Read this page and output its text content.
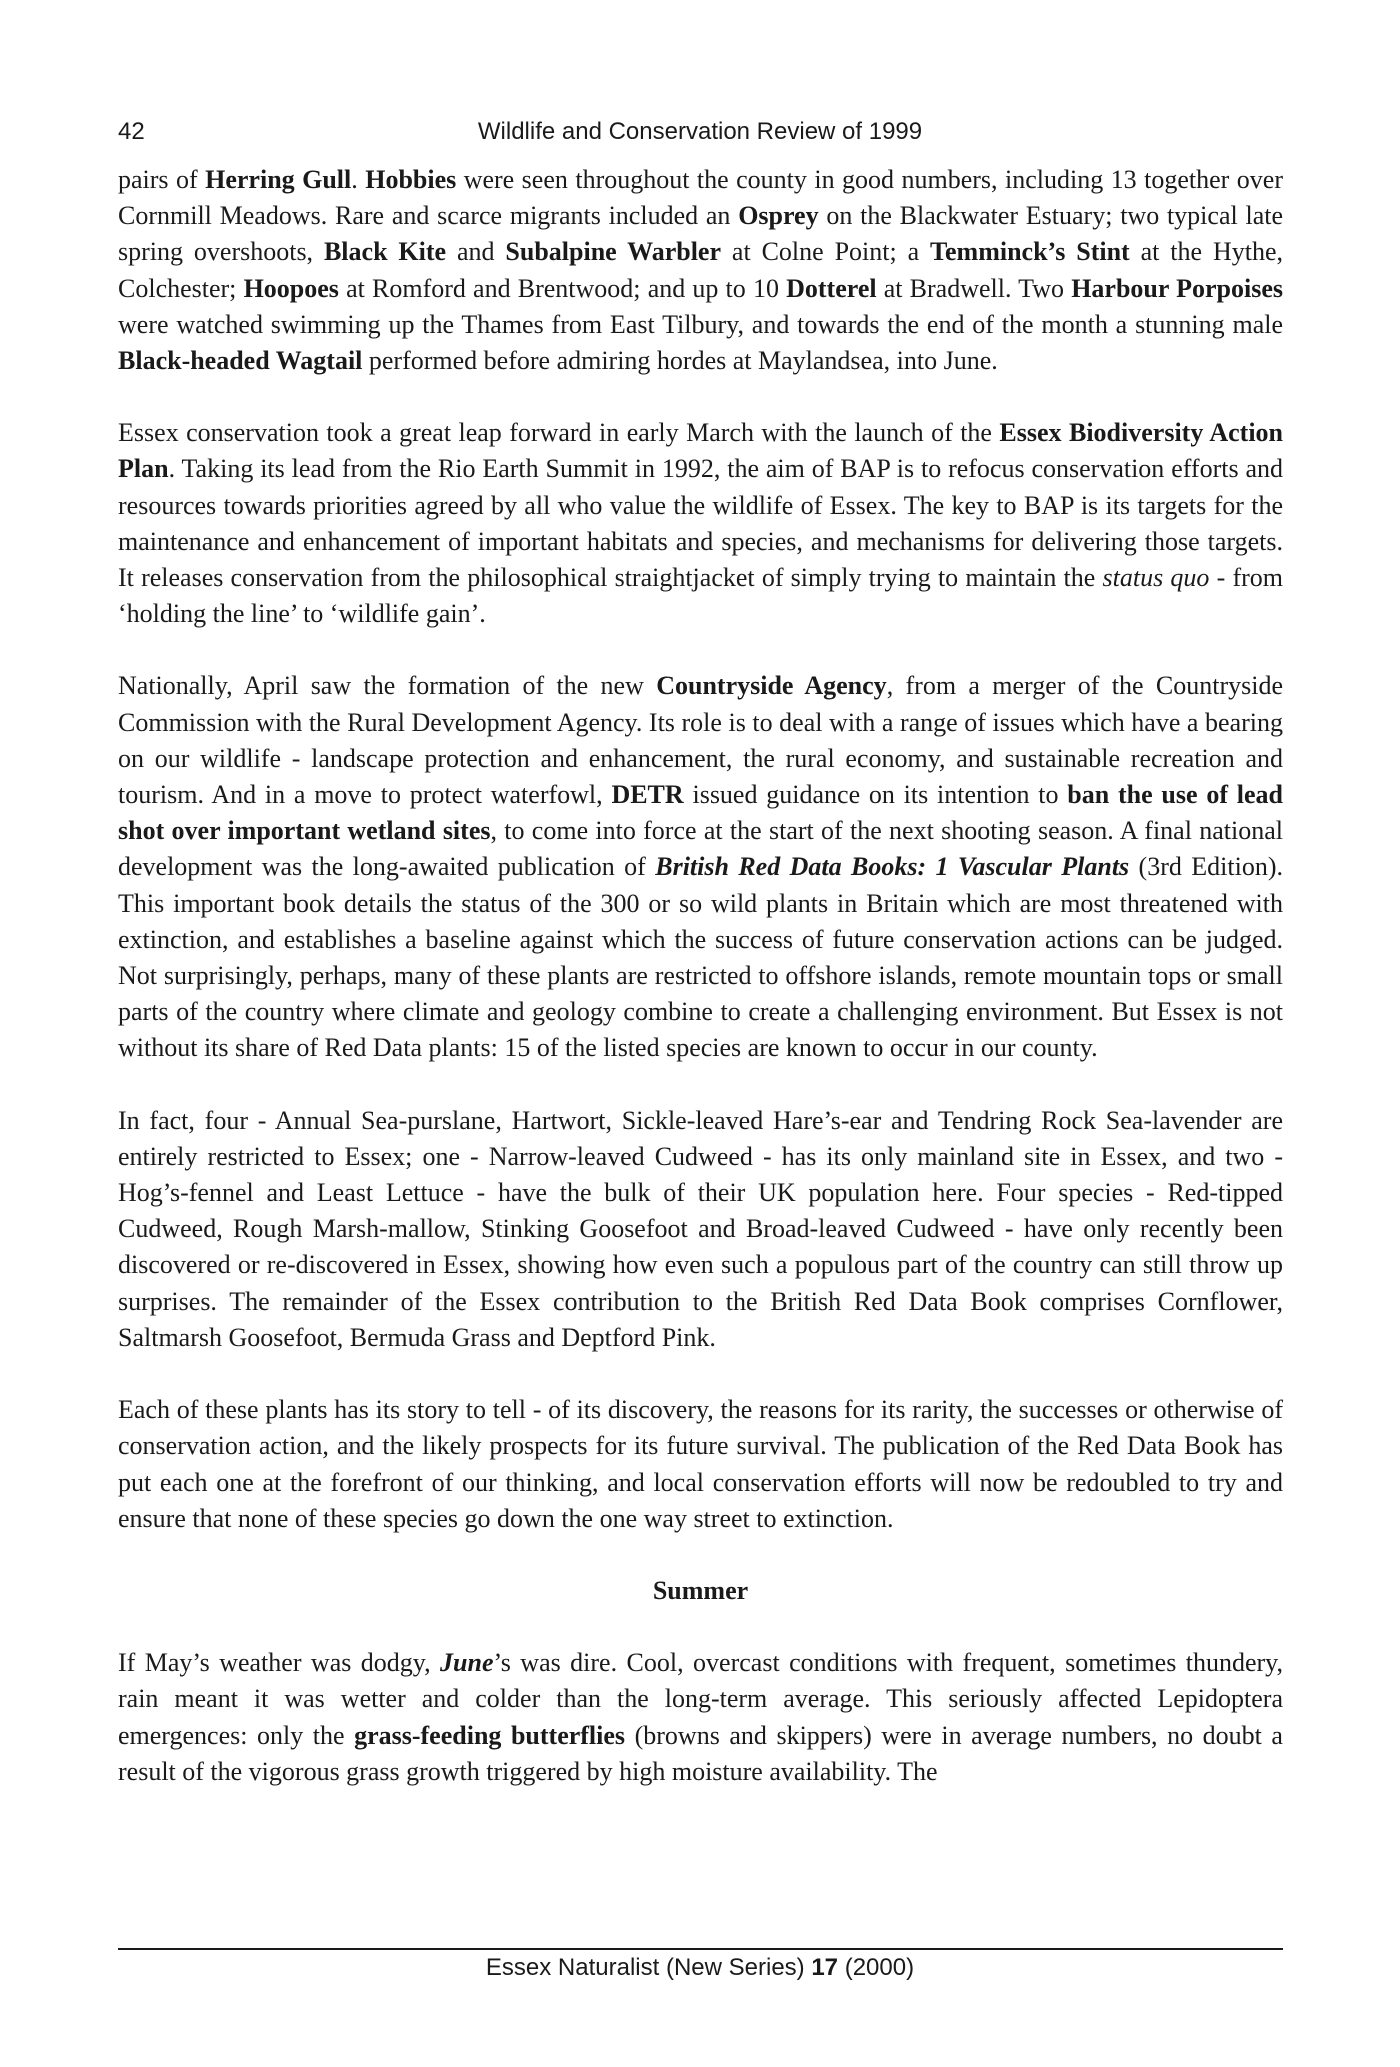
42	Wildlife and Conservation Review of 1999

pairs of Herring Gull. Hobbies were seen throughout the county in good numbers, including 13 together over Cornmill Meadows. Rare and scarce migrants included an Osprey on the Blackwater Estuary; two typical late spring overshoots, Black Kite and Subalpine Warbler at Colne Point; a Temminck’s Stint at the Hythe, Colchester; Hoopoes at Romford and Brentwood; and up to 10 Dotterel at Bradwell. Two Harbour Porpoises were watched swimming up the Thames from East Tilbury, and towards the end of the month a stunning male Black-headed Wagtail performed before admiring hordes at Maylandsea, into June.

Essex conservation took a great leap forward in early March with the launch of the Essex Biodiversity Action Plan. Taking its lead from the Rio Earth Summit in 1992, the aim of BAP is to refocus conservation efforts and resources towards priorities agreed by all who value the wildlife of Essex. The key to BAP is its targets for the maintenance and enhancement of important habitats and species, and mechanisms for delivering those targets. It releases conservation from the philosophical straightjacket of simply trying to maintain the status quo - from ‘holding the line’ to ‘wildlife gain’.

Nationally, April saw the formation of the new Countryside Agency, from a merger of the Countryside Commission with the Rural Development Agency. Its role is to deal with a range of issues which have a bearing on our wildlife - landscape protection and enhancement, the rural economy, and sustainable recreation and tourism. And in a move to protect waterfowl, DETR issued guidance on its intention to ban the use of lead shot over important wetland sites, to come into force at the start of the next shooting season. A final national development was the long-awaited publication of British Red Data Books: 1 Vascular Plants (3rd Edition). This important book details the status of the 300 or so wild plants in Britain which are most threatened with extinction, and establishes a baseline against which the success of future conservation actions can be judged. Not surprisingly, perhaps, many of these plants are restricted to offshore islands, remote mountain tops or small parts of the country where climate and geology combine to create a challenging environment. But Essex is not without its share of Red Data plants: 15 of the listed species are known to occur in our county.

In fact, four - Annual Sea-purslane, Hartwort, Sickle-leaved Hare’s-ear and Tendring Rock Sea-lavender are entirely restricted to Essex; one - Narrow-leaved Cudweed - has its only mainland site in Essex, and two - Hog’s-fennel and Least Lettuce - have the bulk of their UK population here. Four species - Red-tipped Cudweed, Rough Marsh-mallow, Stinking Goosefoot and Broad-leaved Cudweed - have only recently been discovered or re-discovered in Essex, showing how even such a populous part of the country can still throw up surprises. The remainder of the Essex contribution to the British Red Data Book comprises Cornflower, Saltmarsh Goosefoot, Bermuda Grass and Deptford Pink.

Each of these plants has its story to tell - of its discovery, the reasons for its rarity, the successes or otherwise of conservation action, and the likely prospects for its future survival. The publication of the Red Data Book has put each one at the forefront of our thinking, and local conservation efforts will now be redoubled to try and ensure that none of these species go down the one way street to extinction.

Summer

If May’s weather was dodgy, June’s was dire. Cool, overcast conditions with frequent, sometimes thundery, rain meant it was wetter and colder than the long-term average. This seriously affected Lepidoptera emergences: only the grass-feeding butterflies (browns and skippers) were in average numbers, no doubt a result of the vigorous grass growth triggered by high moisture availability. The

Essex Naturalist (New Series) 17 (2000)
